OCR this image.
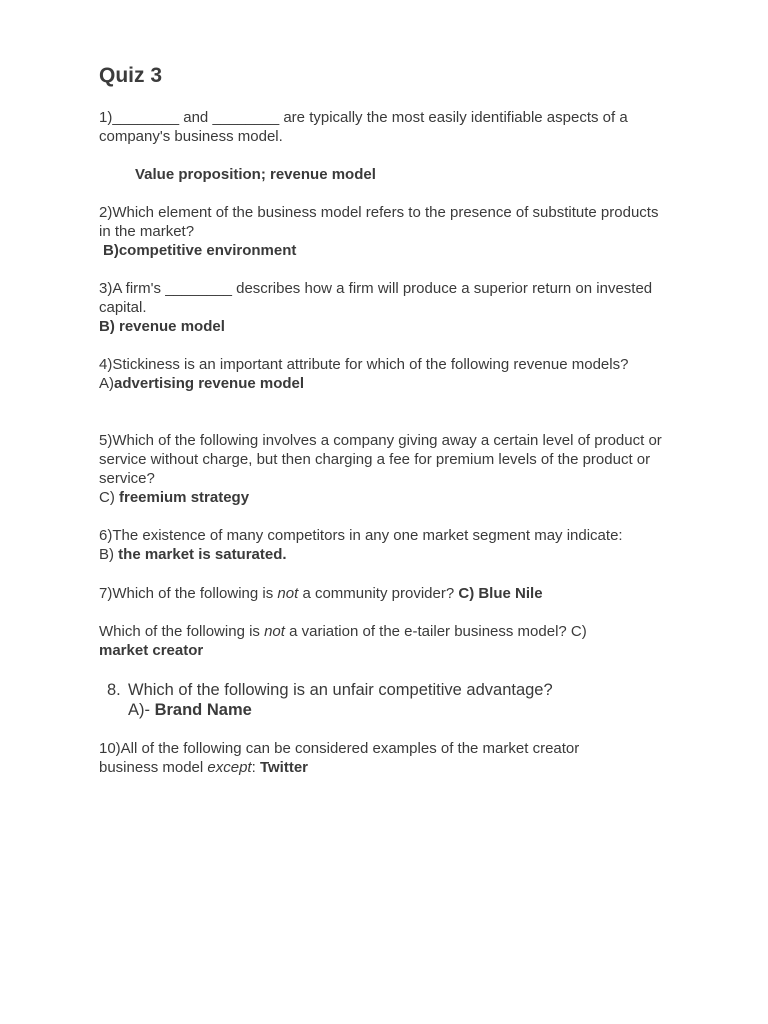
Quiz 3

1)________ and ________ are typically the most easily identifiable aspects of a company's business model.

Value proposition; revenue model

2)Which element of the business model refers to the presence of substitute products in the market?
B)competitive environment

3)A firm's ________ describes how a firm will produce a superior return on invested capital.
B) revenue model

4)Stickiness is an important attribute for which of the following revenue models?
A)advertising revenue model

5)Which of the following involves a company giving away a certain level of product or service without charge, but then charging a fee for premium levels of the product or service?
C) freemium strategy

6)The existence of many competitors in any one market segment may indicate:
B) the market is saturated.

7)Which of the following is not a community provider? C) Blue Nile

Which of the following is not a variation of the e-tailer business model? C)
market creator

8. Which of the following is an unfair competitive advantage?
A)- Brand Name

10)All of the following can be considered examples of the market creator business model except: Twitter
